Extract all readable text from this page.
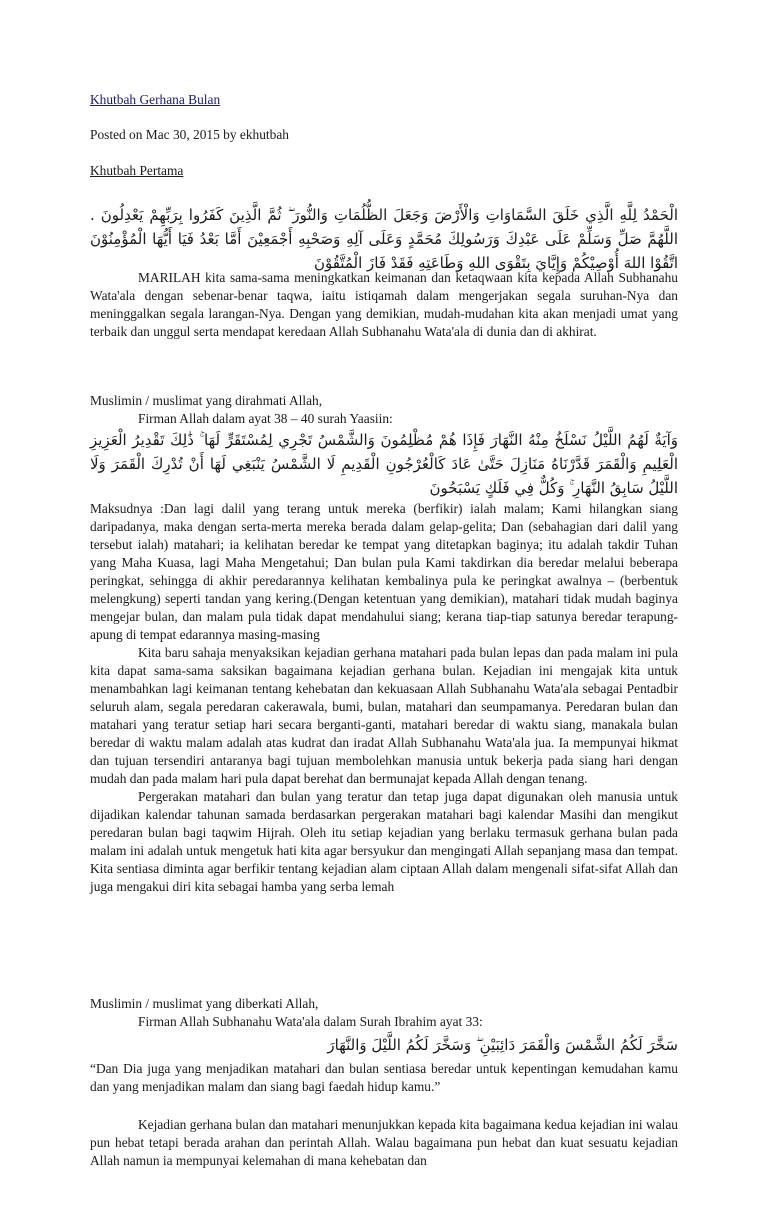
Khutbah Gerhana Bulan
Posted on Mac 30, 2015 by ekhutbah
Khutbah Pertama

الْحَمْدُ لِلَّهِ الَّذِي خَلَقَ السَّمَاوَاتِ وَالْأَرْضَ وَجَعَلَ الظُّلُمَاتِ وَالنُّورَ ۖ ثُمَّ الَّذِينَ كَفَرُوا بِرَبِّهِمْ يَعْدِلُونَ . اللَّهُمَّ صَلِّ وَسَلِّمْ عَلَى عَبْدِكَ وَرَسُولِكَ مُحَمَّدٍ وَعَلَى آلِهِ وَصَحْبِهِ أَجْمَعِيْنَ أَمَّا بَعْدُ فَيَا أَيُّهَا الْمُؤْمِنُوْنَ اتَّقُوْا اللهَ أُوْصِيْكُمْ وَإِيَّايَ بِتَقْوَى اللهِ وَطَاعَتِهِ فَقَدْ فَازَ الْمُتَّقُوْنَ

MARILAH kita sama-sama meningkatkan keimanan dan ketaqwaan kita kepada Allah Subhanahu Wata'ala dengan sebenar-benar taqwa, iaitu istiqamah dalam mengerjakan segala suruhan-Nya dan meninggalkan segala larangan-Nya. Dengan yang demikian, mudah-mudahan kita akan menjadi umat yang terbaik dan unggul serta mendapat keredaan Allah Subhanahu Wata'ala di dunia dan di akhirat.

Muslimin / muslimat yang dirahmati Allah,

Firman Allah dalam ayat 38 – 40 surah Yaasiin:

وَآيَةٌ لَهُمُ اللَّيْلُ نَسْلَخُ مِنْهُ النَّهَارَ فَإِذَا هُمْ مُظْلِمُونَ وَالشَّمْسُ تَجْرِي لِمُسْتَقَرٍّ لَهَا ۚ ذَٰلِكَ تَقْدِيرُ الْعَزِيزِ الْعَلِيمِ وَالْقَمَرَ قَدَّرْنَاهُ مَنَازِلَ حَتَّىٰ عَادَ كَالْعُرْجُونِ الْقَدِيمِ لَا الشَّمْسُ يَنْبَغِي لَهَا أَنْ تُدْرِكَ الْقَمَرَ وَلَا اللَّيْلُ سَابِقُ النَّهَارِ ۚ وَكُلٌّ فِي فَلَكٍ يَسْبَحُونَ

Maksudnya :Dan lagi dalil yang terang untuk mereka (berfikir) ialah malam; Kami hilangkan siang daripadanya, maka dengan serta-merta mereka berada dalam gelap-gelita; Dan (sebahagian dari dalil yang tersebut ialah) matahari; ia kelihatan beredar ke tempat yang ditetapkan baginya; itu adalah takdir Tuhan yang Maha Kuasa, lagi Maha Mengetahui; Dan bulan pula Kami takdirkan dia beredar melalui beberapa peringkat, sehingga di akhir peredarannya kelihatan kembalinya pula ke peringkat awalnya – (berbentuk melengkung) seperti tandan yang kering.(Dengan ketentuan yang demikian), matahari tidak mudah baginya mengejar bulan, dan malam pula tidak dapat mendahului siang; kerana tiap-tiap satunya beredar terapung-apung di tempat edarannya masing-masing

Kita baru sahaja menyaksikan kejadian gerhana matahari pada bulan lepas dan pada malam ini pula kita dapat sama-sama saksikan bagaimana kejadian gerhana bulan. Kejadian ini mengajak kita untuk menambahkan lagi keimanan tentang kehebatan dan kekuasaan Allah Subhanahu Wata'ala sebagai Pentadbir seluruh alam, segala peredaran cakerawala, bumi, bulan, matahari dan seumpamanya. Peredaran bulan dan matahari yang teratur setiap hari secara berganti-ganti, matahari beredar di waktu siang, manakala bulan beredar di waktu malam adalah atas kudrat dan iradat Allah Subhanahu Wata'ala jua. Ia mempunyai hikmat dan tujuan tersendiri antaranya bagi tujuan membolehkan manusia untuk bekerja pada siang hari dengan mudah dan pada malam hari pula dapat berehat dan bermunajat kepada Allah dengan tenang.

Pergerakan matahari dan bulan yang teratur dan tetap juga dapat digunakan oleh manusia untuk dijadikan kalendar tahunan samada berdasarkan pergerakan matahari bagi kalendar Masihi dan mengikut peredaran bulan bagi taqwim Hijrah. Oleh itu setiap kejadian yang berlaku termasuk gerhana bulan pada malam ini adalah untuk mengetuk hati kita agar bersyukur dan mengingati Allah sepanjang masa dan tempat. Kita sentiasa diminta agar berfikir tentang kejadian alam ciptaan Allah dalam mengenali sifat-sifat Allah dan juga mengakui diri kita sebagai hamba yang serba lemah

Muslimin / muslimat yang diberkati Allah,

Firman Allah Subhanahu Wata'ala dalam Surah Ibrahim ayat 33:

سَخَّرَ لَكُمُ الشَّمْسَ وَالْقَمَرَ دَائِبَيْنِ ۖ وَسَخَّرَ لَكُمُ اللَّيْلَ وَالنَّهَارَ

“Dan Dia juga yang menjadikan matahari dan bulan sentiasa beredar untuk kepentingan kemudahan kamu dan yang menjadikan malam dan siang bagi faedah hidup kamu.”

Kejadian gerhana bulan dan matahari menunjukkan kepada kita bagaimana kedua kejadian ini walau pun hebat tetapi berada arahan dan perintah Allah. Walau bagaimana pun hebat dan kuat sesuatu kejadian Allah namun ia mempunyai kelemahan di mana kehebatan dan
